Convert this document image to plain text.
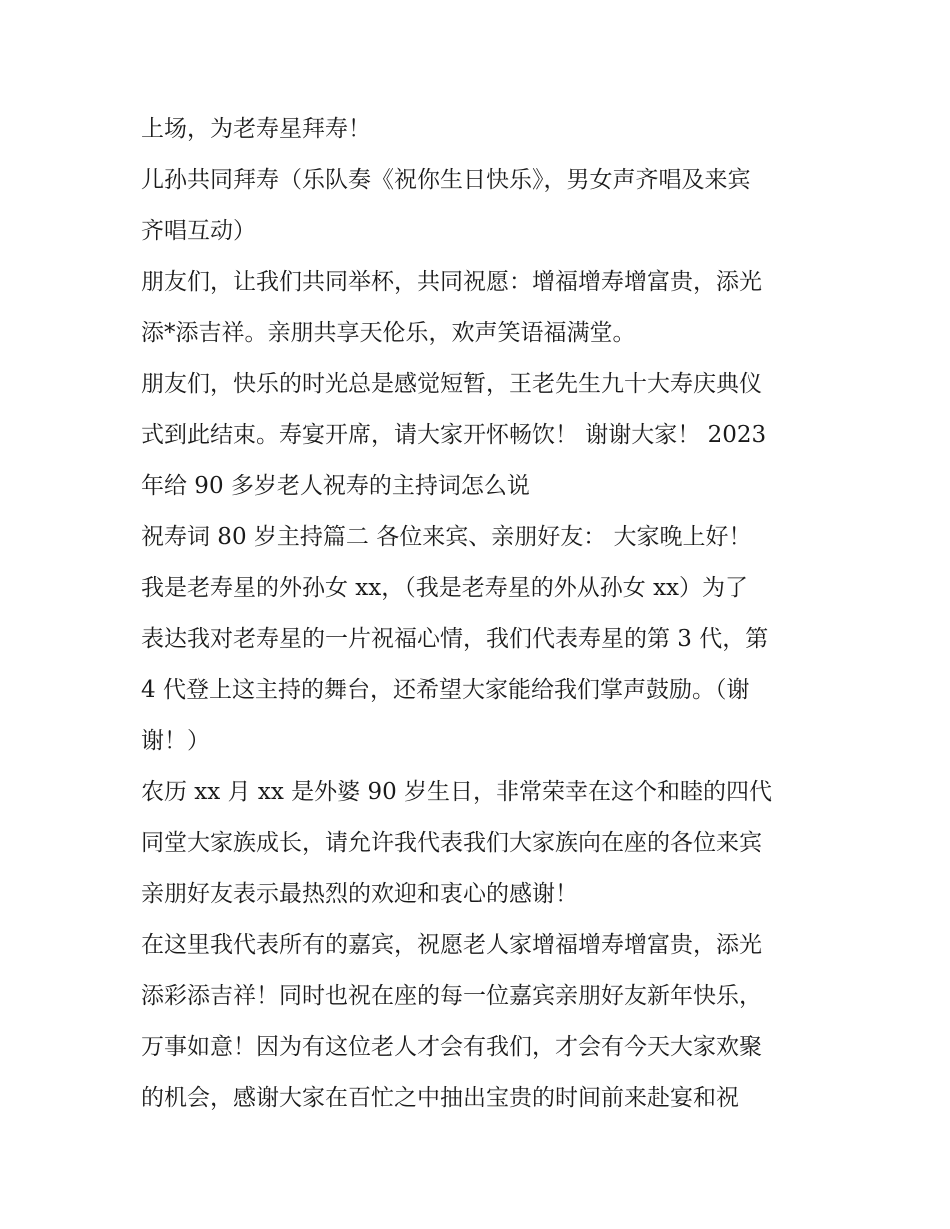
上场，为老寿星拜寿！
儿孙共同拜寿（乐队奏《祝你生日快乐》，男女声齐唱及来宾
齐唱互动）
朋友们，让我们共同举杯，共同祝愿：增福增寿增富贵，添光
添*添吉祥。亲朋共享天伦乐，欢声笑语福满堂。
朋友们，快乐的时光总是感觉短暂，王老先生九十大寿庆典仪
式到此结束。寿宴开席，请大家开怀畅饮！ 谢谢大家！ 2023
年给 90 多岁老人祝寿的主持词怎么说
祝寿词 80 岁主持篇二 各位来宾、亲朋好友： 大家晚上好！
我是老寿星的外孙女 xx，（我是老寿星的外从孙女 xx）为了
表达我对老寿星的一片祝福心情，我们代表寿星的第 3 代，第
4 代登上这主持的舞台，还希望大家能给我们掌声鼓励。（谢
谢！）
农历 xx 月 xx 是外婆 90 岁生日，非常荣幸在这个和睦的四代
同堂大家族成长，请允许我代表我们大家族向在座的各位来宾
亲朋好友表示最热烈的欢迎和衷心的感谢！
在这里我代表所有的嘉宾，祝愿老人家增福增寿增富贵，添光
添彩添吉祥！同时也祝在座的每一位嘉宾亲朋好友新年快乐，
万事如意！因为有这位老人才会有我们，才会有今天大家欢聚
的机会，感谢大家在百忙之中抽出宝贵的时间前来赴宴和祝
